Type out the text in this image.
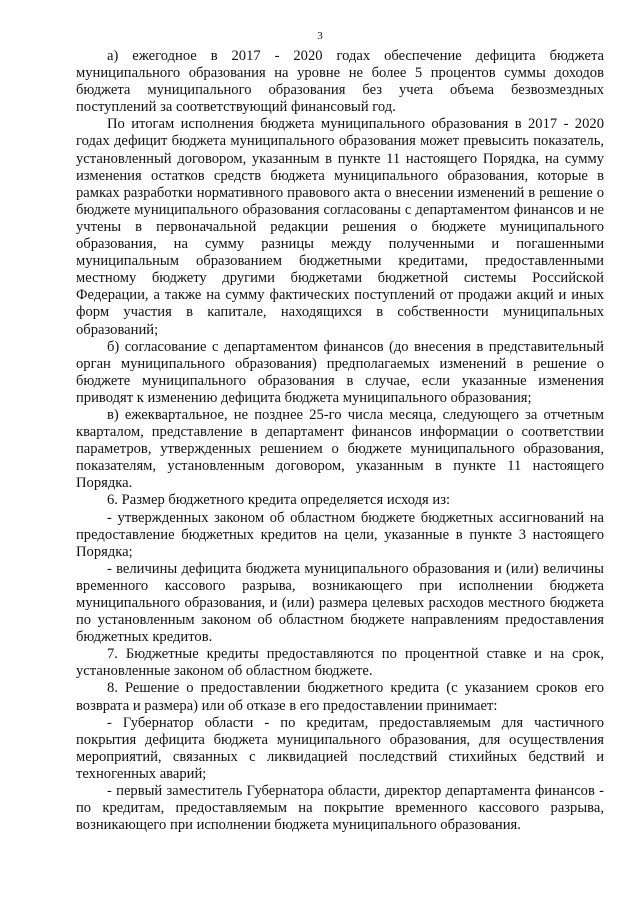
3

а) ежегодное в 2017 - 2020 годах обеспечение дефицита бюджета муниципального образования на уровне не более 5 процентов суммы доходов бюджета муниципального образования без учета объема безвозмездных поступлений за соответствующий финансовый год.

По итогам исполнения бюджета муниципального образования в 2017 - 2020 годах дефицит бюджета муниципального образования может превысить показатель, установленный договором, указанным в пункте 11 настоящего Порядка, на сумму изменения остатков средств бюджета муниципального образования, которые в рамках разработки нормативного правового акта о внесении изменений в решение о бюджете муниципального образования согласованы с департаментом финансов и не учтены в первоначальной редакции решения о бюджете муниципального образования, на сумму разницы между полученными и погашенными муниципальным образованием бюджетными кредитами, предоставленными местному бюджету другими бюджетами бюджетной системы Российской Федерации, а также на сумму фактических поступлений от продажи акций и иных форм участия в капитале, находящихся в собственности муниципальных образований;

б) согласование с департаментом финансов (до внесения в представительный орган муниципального образования) предполагаемых изменений в решение о бюджете муниципального образования в случае, если указанные изменения приводят к изменению дефицита бюджета муниципального образования;

в) ежеквартальное, не позднее 25-го числа месяца, следующего за отчетным кварталом, представление в департамент финансов информации о соответствии параметров, утвержденных решением о бюджете муниципального образования, показателям, установленным договором, указанным в пункте 11 настоящего Порядка.

6. Размер бюджетного кредита определяется исходя из:

- утвержденных законом об областном бюджете бюджетных ассигнований на предоставление бюджетных кредитов на цели, указанные в пункте 3 настоящего Порядка;

- величины дефицита бюджета муниципального образования и (или) величины временного кассового разрыва, возникающего при исполнении бюджета муниципального образования, и (или) размера целевых расходов местного бюджета по установленным законом об областном бюджете направлениям предоставления бюджетных кредитов.

7. Бюджетные кредиты предоставляются по процентной ставке и на срок, установленные законом об областном бюджете.

8. Решение о предоставлении бюджетного кредита (с указанием сроков его возврата и размера) или об отказе в его предоставлении принимает:

- Губернатор области - по кредитам, предоставляемым для частичного покрытия дефицита бюджета муниципального образования, для осуществления мероприятий, связанных с ликвидацией последствий стихийных бедствий и техногенных аварий;

- первый заместитель Губернатора области, директор департамента финансов - по кредитам, предоставляемым на покрытие временного кассового разрыва, возникающего при исполнении бюджета муниципального образования.
